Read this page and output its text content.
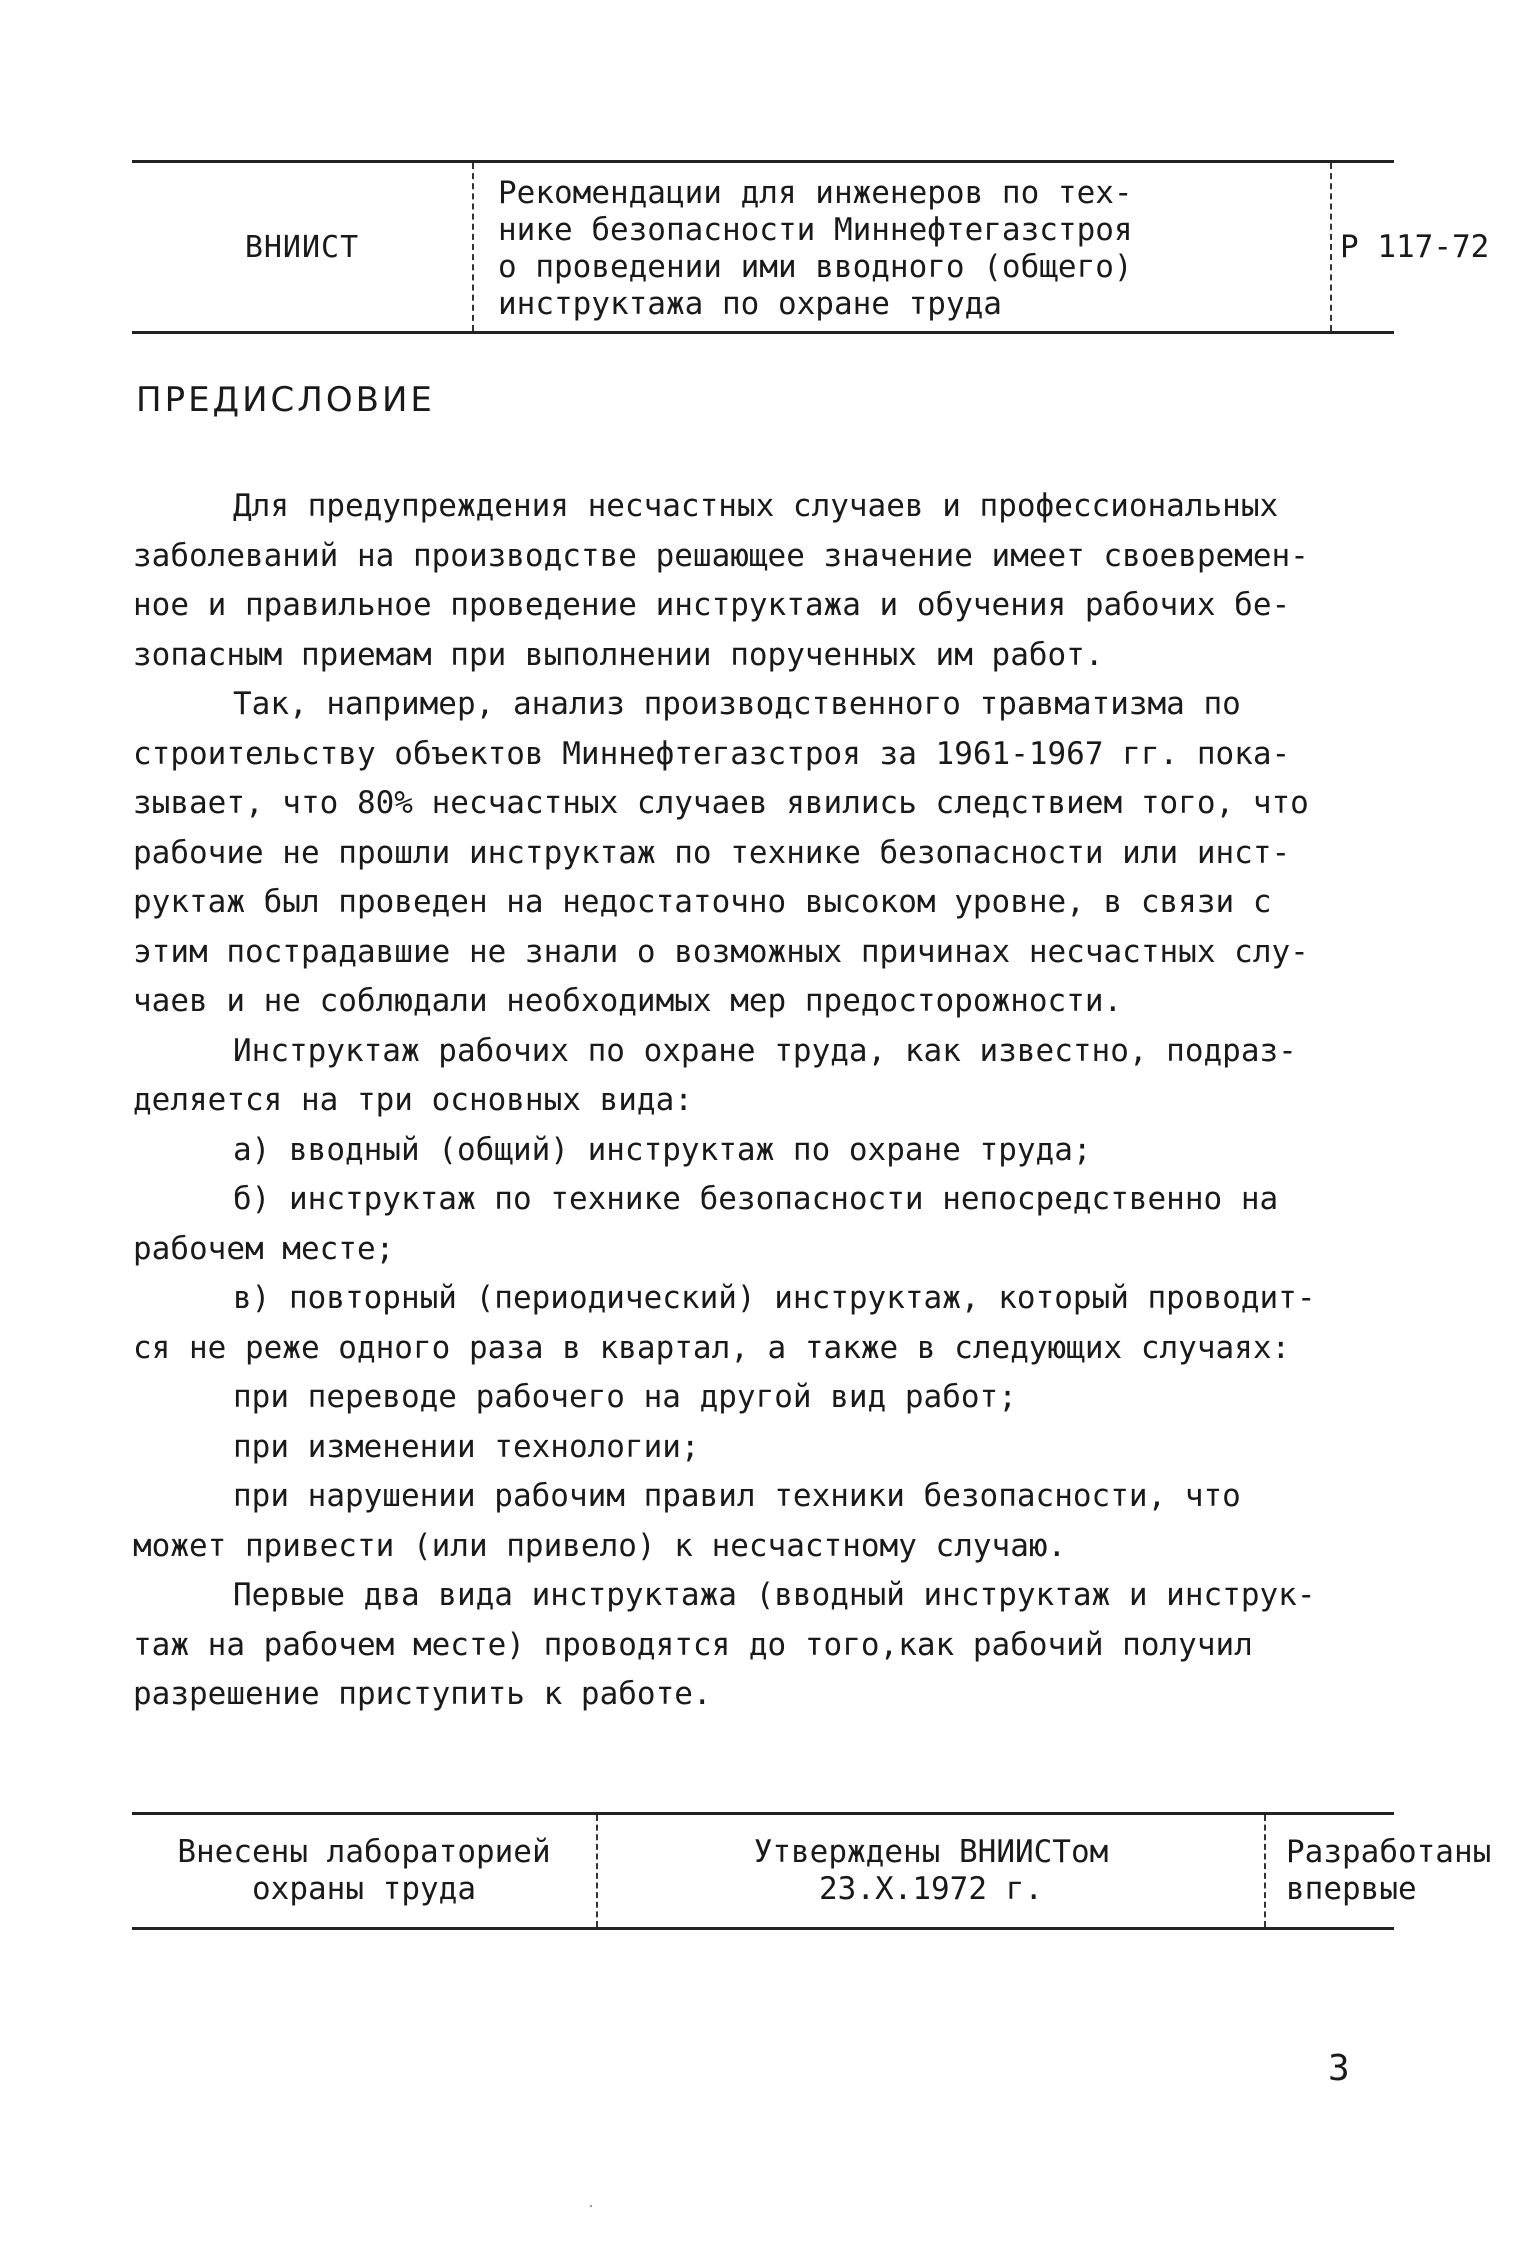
ВНИИСТ
Рекомендации для инженеров по тех-
нике безопасности Миннефтегазстроя
о проведении ими вводного (общего)
инструктажа по охране труда
Р 117-72
ПРЕДИСЛОВИЕ
Для предупреждения несчастных случаев и профессиональных
заболеваний на производстве решающее значение имеет своевремен-
ное и правильное проведение инструктажа и обучения рабочих бе-
зопасным приемам при выполнении порученных им работ.
Так, например, анализ производственного травматизма по
строительству объектов Миннефтегазстроя за 1961-1967 гг. пока-
зывает, что 80% несчастных случаев явились следствием того, что
рабочие не прошли инструктаж по технике безопасности или инст-
руктаж был проведен на недостаточно высоком уровне, в связи с
этим пострадавшие не знали о возможных причинах несчастных слу-
чаев и не соблюдали необходимых мер предосторожности.
Инструктаж рабочих по охране труда, как известно, подраз-
деляется на три основных вида:
а) вводный (общий) инструктаж по охране труда;
б) инструктаж по технике безопасности непосредственно на
рабочем месте;
в) повторный (периодический) инструктаж, который проводит-
ся не реже одного раза в квартал, а также в следующих случаях:
при переводе рабочего на другой вид работ;
при изменении технологии;
при нарушении рабочим правил техники безопасности, что
может привести (или привело) к несчастному случаю.
Первые два вида инструктажа (вводный инструктаж и инструк-
таж на рабочем месте) проводятся до того,как рабочий получил
разрешение приступить к работе.
Внесены лабораторией
охраны труда
Утверждены ВНИИСТом
23.X.1972 г.
Разработаны
впервые
3
